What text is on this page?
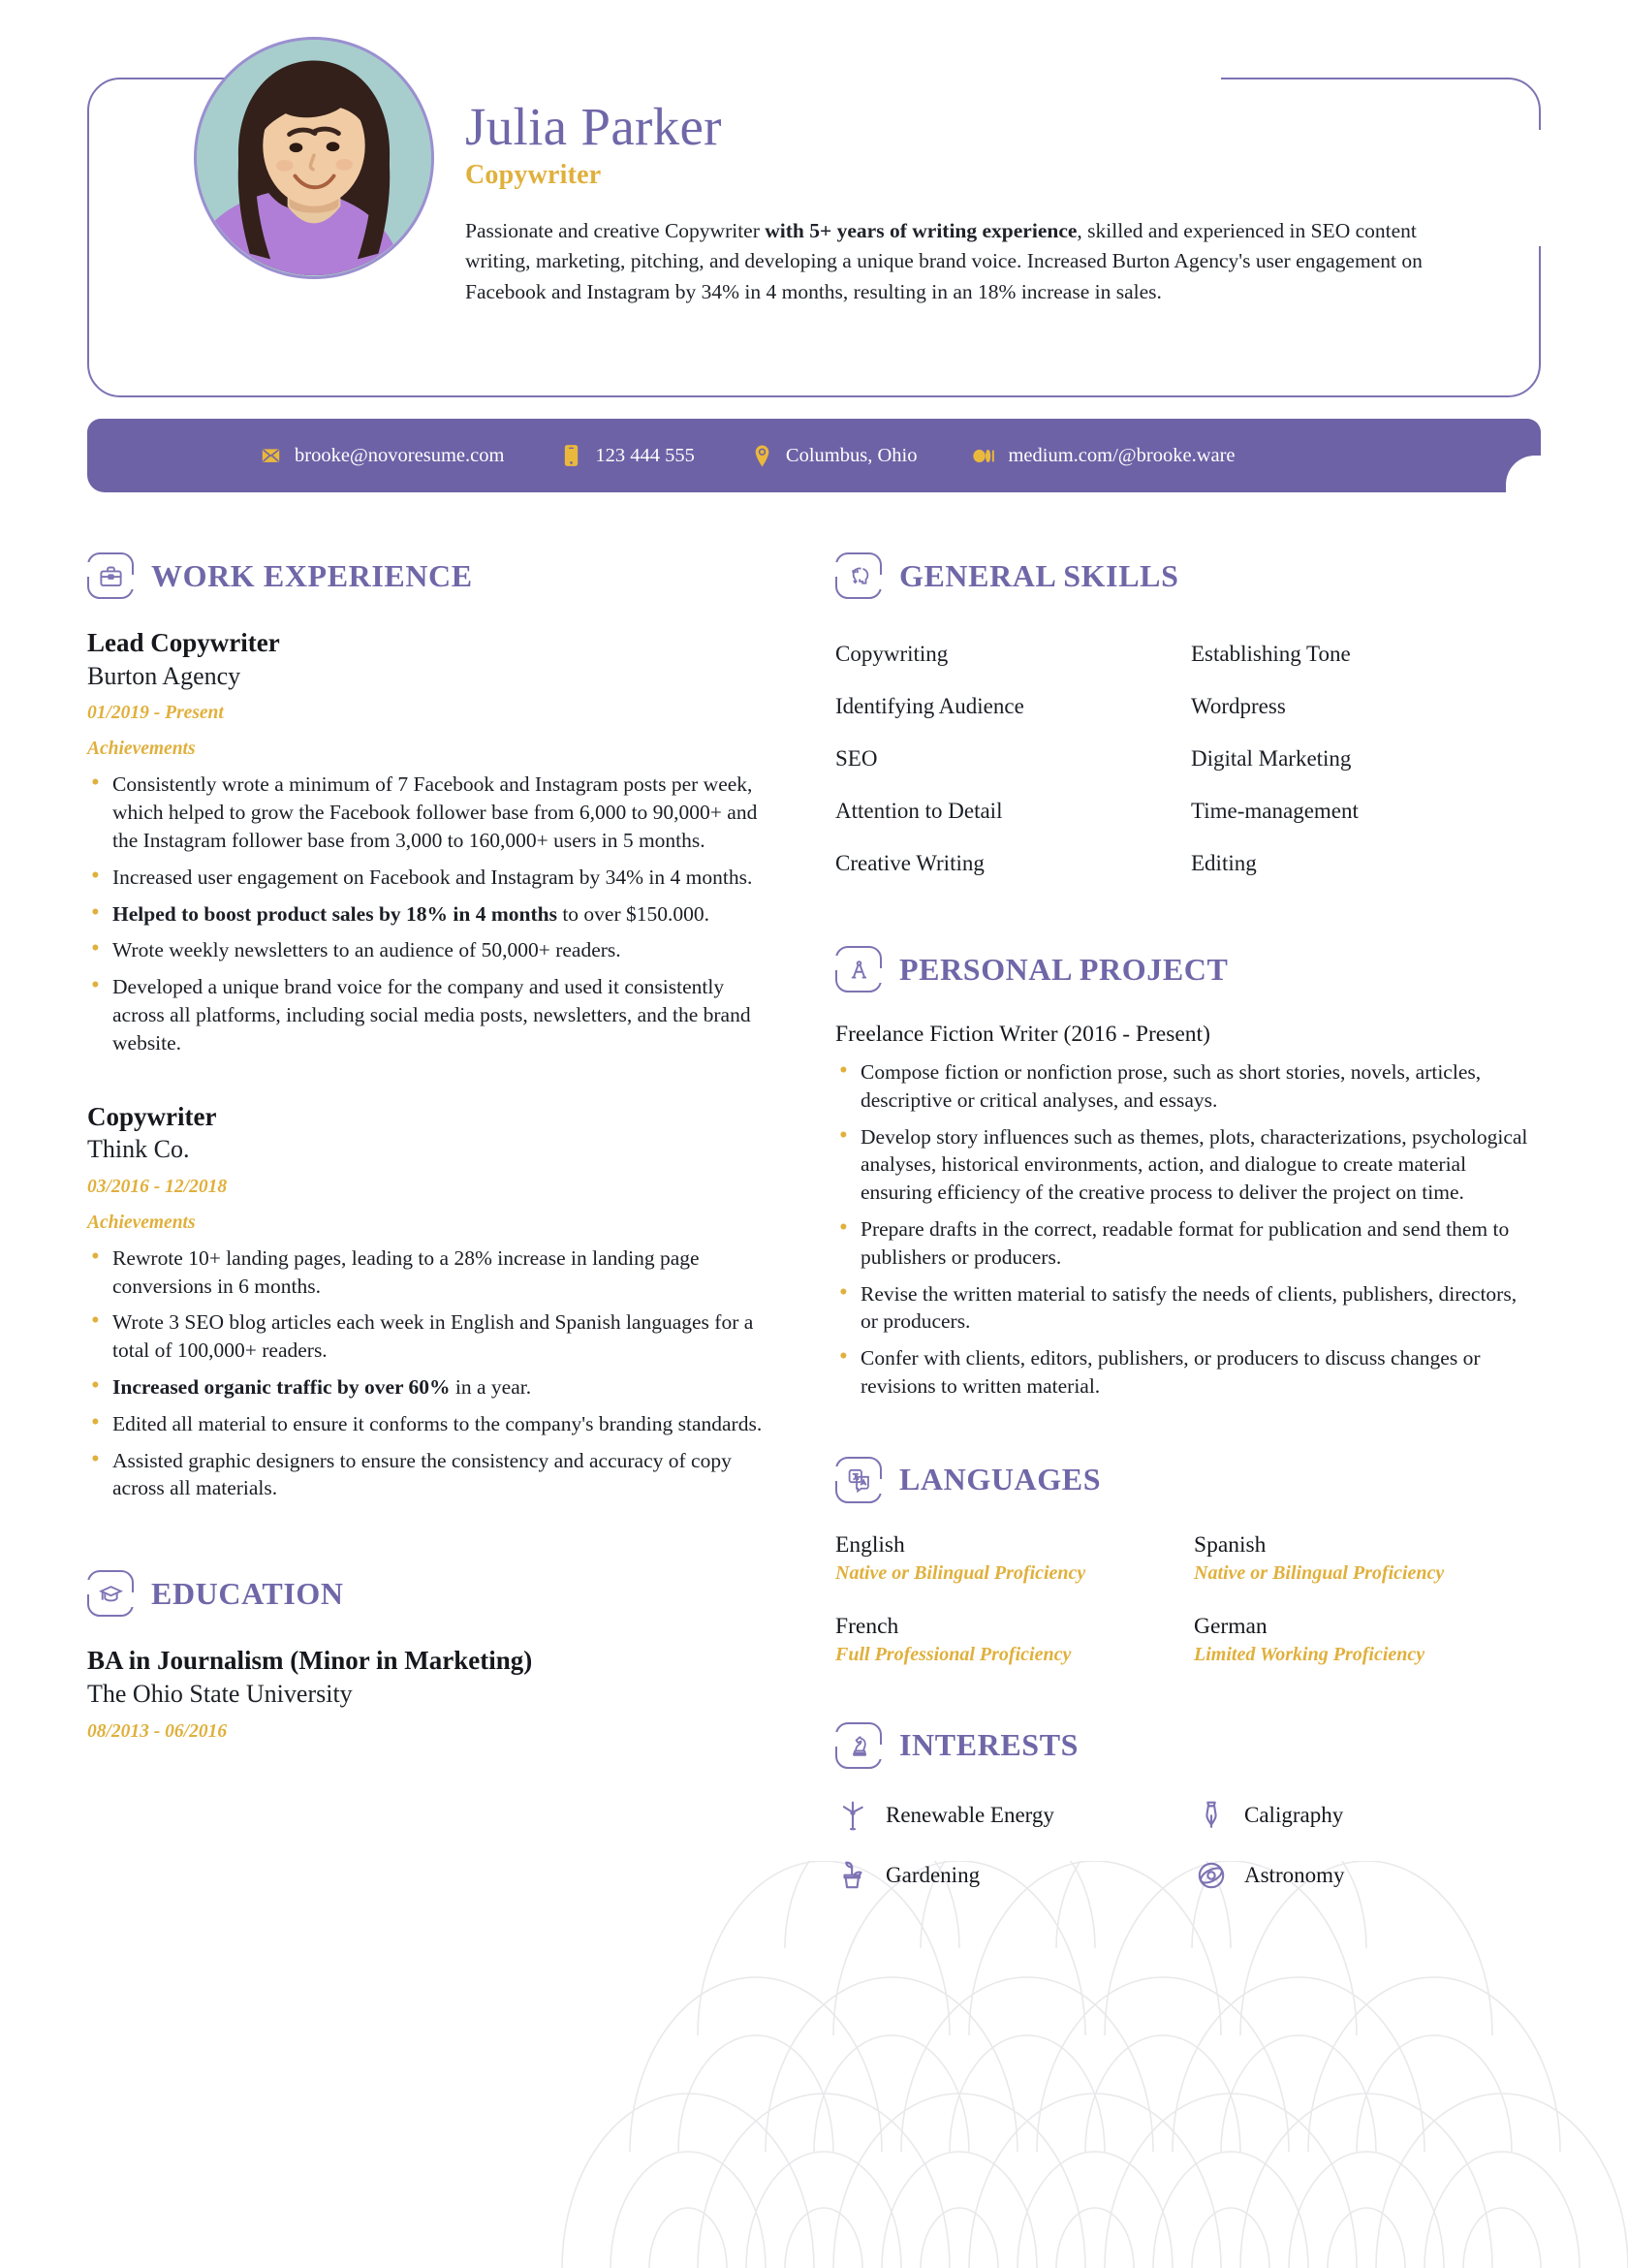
Julia Parker
Copywriter
Passionate and creative Copywriter with 5+ years of writing experience, skilled and experienced in SEO content writing, marketing, pitching, and developing a unique brand voice. Increased Burton Agency's user engagement on Facebook and Instagram by 34% in 4 months, resulting in an 18% increase in sales.
brooke@novoresume.com	123 444 555	Columbus, Ohio	medium.com/@brooke.ware
WORK EXPERIENCE
Lead Copywriter
Burton Agency
01/2019 - Present
Achievements
• Consistently wrote a minimum of 7 Facebook and Instagram posts per week, which helped to grow the Facebook follower base from 6,000 to 90,000+ and the Instagram follower base from 3,000 to 160,000+ users in 5 months.
• Increased user engagement on Facebook and Instagram by 34% in 4 months.
• Helped to boost product sales by 18% in 4 months to over $150.000.
• Wrote weekly newsletters to an audience of 50,000+ readers.
• Developed a unique brand voice for the company and used it consistently across all platforms, including social media posts, newsletters, and the brand website.
Copywriter
Think Co.
03/2016 - 12/2018
Achievements
• Rewrote 10+ landing pages, leading to a 28% increase in landing page conversions in 6 months.
• Wrote 3 SEO blog articles each week in English and Spanish languages for a total of 100,000+ readers.
• Increased organic traffic by over 60% in a year.
• Edited all material to ensure it conforms to the company's branding standards.
• Assisted graphic designers to ensure the consistency and accuracy of copy across all materials.
EDUCATION
BA in Journalism (Minor in Marketing)
The Ohio State University
08/2013 - 06/2016
GENERAL SKILLS
Copywriting	Establishing Tone
Identifying Audience	Wordpress
SEO	Digital Marketing
Attention to Detail	Time-management
Creative Writing	Editing
PERSONAL PROJECT
Freelance Fiction Writer (2016 - Present)
• Compose fiction or nonfiction prose, such as short stories, novels, articles, descriptive or critical analyses, and essays.
• Develop story influences such as themes, plots, characterizations, psychological analyses, historical environments, action, and dialogue to create material ensuring efficiency of the creative process to deliver the project on time.
• Prepare drafts in the correct, readable format for publication and send them to publishers or producers.
• Revise the written material to satisfy the needs of clients, publishers, directors, or producers.
• Confer with clients, editors, publishers, or producers to discuss changes or revisions to written material.
LANGUAGES
English
Native or Bilingual Proficiency
Spanish
Native or Bilingual Proficiency
French
Full Professional Proficiency
German
Limited Working Proficiency
INTERESTS
Renewable Energy	Caligraphy
Gardening	Astronomy
